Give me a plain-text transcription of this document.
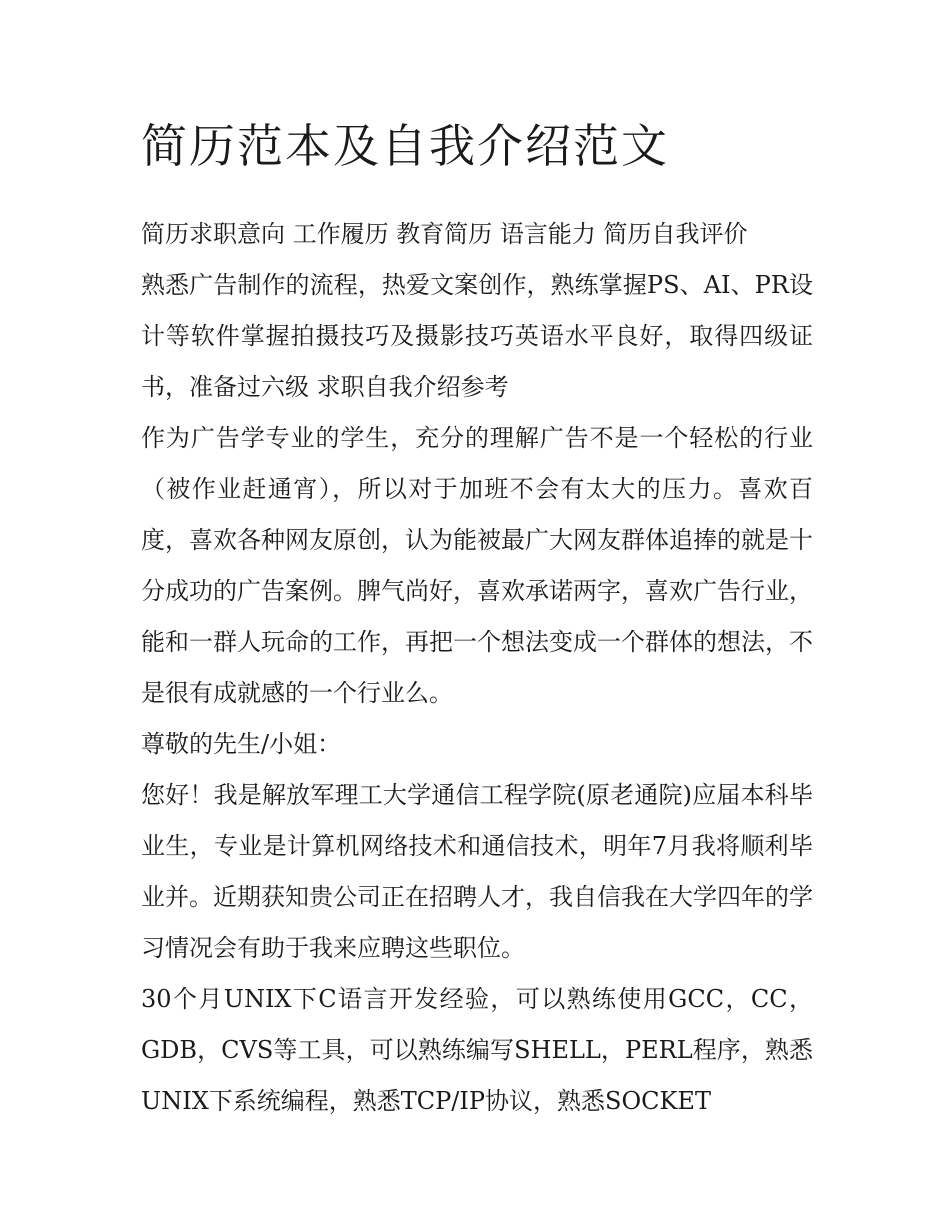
简历范本及自我介绍范文

简历求职意向 工作履历 教育简历 语言能力 简历自我评价

熟悉广告制作的流程，热爱文案创作，熟练掌握PS、AI、PR设计等软件掌握拍摄技巧及摄影技巧英语水平良好，取得四级证书，准备过六级 求职自我介绍参考

作为广告学专业的学生，充分的理解广告不是一个轻松的行业（被作业赶通宵），所以对于加班不会有太大的压力。喜欢百度，喜欢各种网友原创，认为能被最广大网友群体追捧的就是十分成功的广告案例。脾气尚好，喜欢承诺两字，喜欢广告行业，能和一群人玩命的工作，再把一个想法变成一个群体的想法，不是很有成就感的一个行业么。

尊敬的先生/小姐：

您好！我是解放军理工大学通信工程学院(原老通院)应届本科毕业生，专业是计算机网络技术和通信技术，明年7月我将顺利毕业并。近期获知贵公司正在招聘人才，我自信我在大学四年的学习情况会有助于我来应聘这些职位。

30个月UNIX下C语言开发经验，可以熟练使用GCC，CC，GDB，CVS等工具，可以熟练编写SHELL，PERL程序，熟悉UNIX下系统编程，熟悉TCP/IP协议，熟悉SOCKET
